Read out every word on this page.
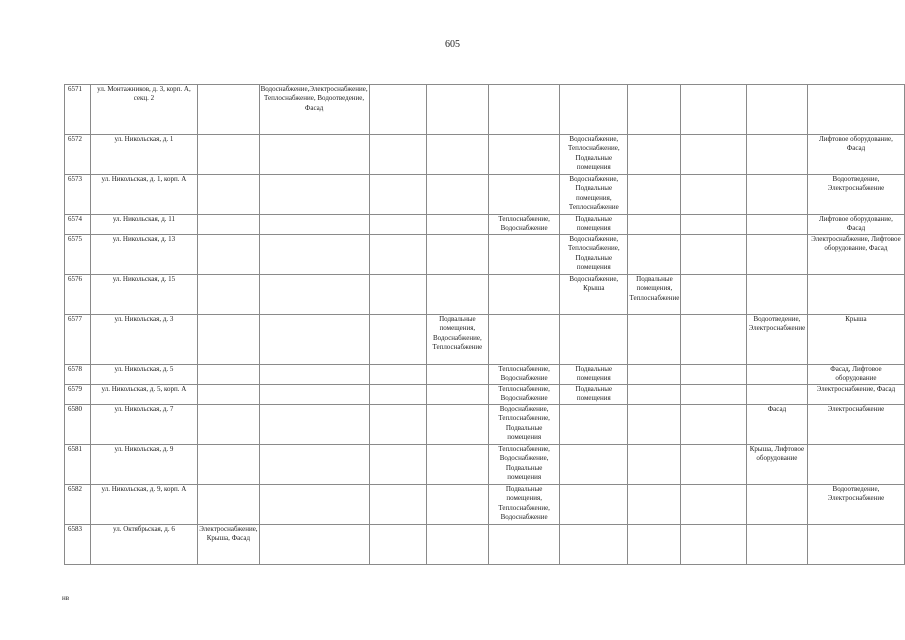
605
6571	ул. Монтажников, д. 3, корп. А, секц. 2		Водоснабжение,Электроснабжение, Теплоснабжение, Водоотведение, Фасад								
6572	ул. Никольская, д. 1						Водоснабжение, Теплоснабжение, Подвальные помещения				Лифтовое оборудование, Фасад
6573	ул. Никольская, д. 1, корп. А						Водоснабжение, Подвальные помещения, Теплоснабжение				Водоотведение, Электроснабжение
6574	ул. Никольская, д. 11					Теплоснабжение, Водоснабжение	Подвальные помещения				Лифтовое оборудование, Фасад
6575	ул. Никольская, д. 13						Водоснабжение, Теплоснабжение, Подвальные помещения				Электроснабжение, Лифтовое оборудование, Фасад
6576	ул. Никольская, д. 15						Водоснабжение, Крыша	Подвальные помещения, Теплоснабжение			
6577	ул. Никольская, д. 3				Подвальные помещения, Водоснабжение, Теплоснабжение					Водоотведение, Электроснабжение	Крыша
6578	ул. Никольская, д. 5					Теплоснабжение, Водоснабжение	Подвальные помещения				Фасад, Лифтовое оборудование
6579	ул. Никольская, д. 5, корп. А					Теплоснабжение, Водоснабжение	Подвальные помещения				Электроснабжение, Фасад
6580	ул. Никольская, д. 7					Водоснабжение, Теплоснабжение, Подвальные помещения				Фасад	Электроснабжение
6581	ул. Никольская, д. 9					Теплоснабжение, Водоснабжение, Подвальные помещения				Крыша, Лифтовое оборудование	
6582	ул. Никольская, д. 9, корп. А					Подвальные помещения, Теплоснабжение, Водоснабжение					Водоотведение, Электроснабжение
6583	ул. Октябрьская, д. 6	Электроснабжение, Крыша, Фасад									
нв
